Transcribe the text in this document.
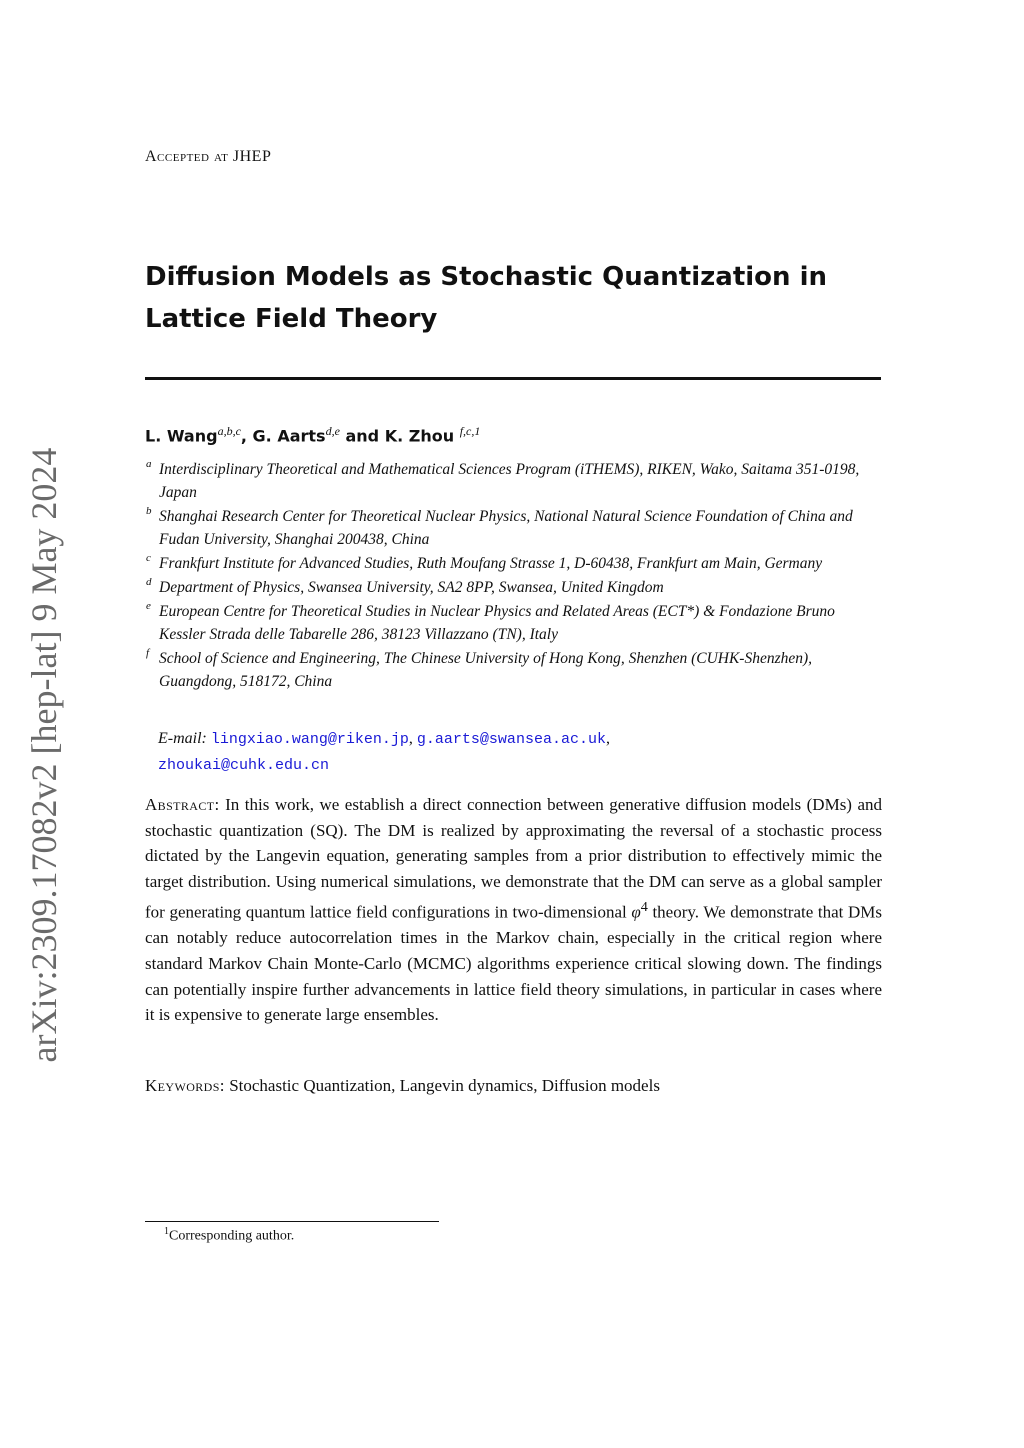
arXiv:2309.17082v2 [hep-lat] 9 May 2024
Accepted at JHEP
Diffusion Models as Stochastic Quantization in
Lattice Field Theory
L. Wang$^{a,b,c}$, G. Aarts$^{d,e}$ and K. Zhou $^{f,c,1}$
a Interdisciplinary Theoretical and Mathematical Sciences Program (iTHEMS), RIKEN, Wako, Saitama 351-0198, Japan
b Shanghai Research Center for Theoretical Nuclear Physics, National Natural Science Foundation of China and Fudan University, Shanghai 200438, China
c Frankfurt Institute for Advanced Studies, Ruth Moufang Strasse 1, D-60438, Frankfurt am Main, Germany
d Department of Physics, Swansea University, SA2 8PP, Swansea, United Kingdom
e European Centre for Theoretical Studies in Nuclear Physics and Related Areas (ECT*) & Fondazione Bruno Kessler Strada delle Tabarelle 286, 38123 Villazzano (TN), Italy
f School of Science and Engineering, The Chinese University of Hong Kong, Shenzhen (CUHK-Shenzhen), Guangdong, 518172, China
E-mail: lingxiao.wang@riken.jp, g.aarts@swansea.ac.uk,
zhoukai@cuhk.edu.cn
Abstract: In this work, we establish a direct connection between generative diffusion models (DMs) and stochastic quantization (SQ). The DM is realized by approximating the reversal of a stochastic process dictated by the Langevin equation, generating samples from a prior distribution to effectively mimic the target distribution. Using numerical simulations, we demonstrate that the DM can serve as a global sampler for generating quantum lattice field configurations in two-dimensional $\varphi^4$ theory. We demonstrate that DMs can notably reduce autocorrelation times in the Markov chain, especially in the critical region where standard Markov Chain Monte-Carlo (MCMC) algorithms experience critical slowing down. The findings can potentially inspire further advancements in lattice field theory simulations, in particular in cases where it is expensive to generate large ensembles.
Keywords: Stochastic Quantization, Langevin dynamics, Diffusion models
$^1$Corresponding author.
